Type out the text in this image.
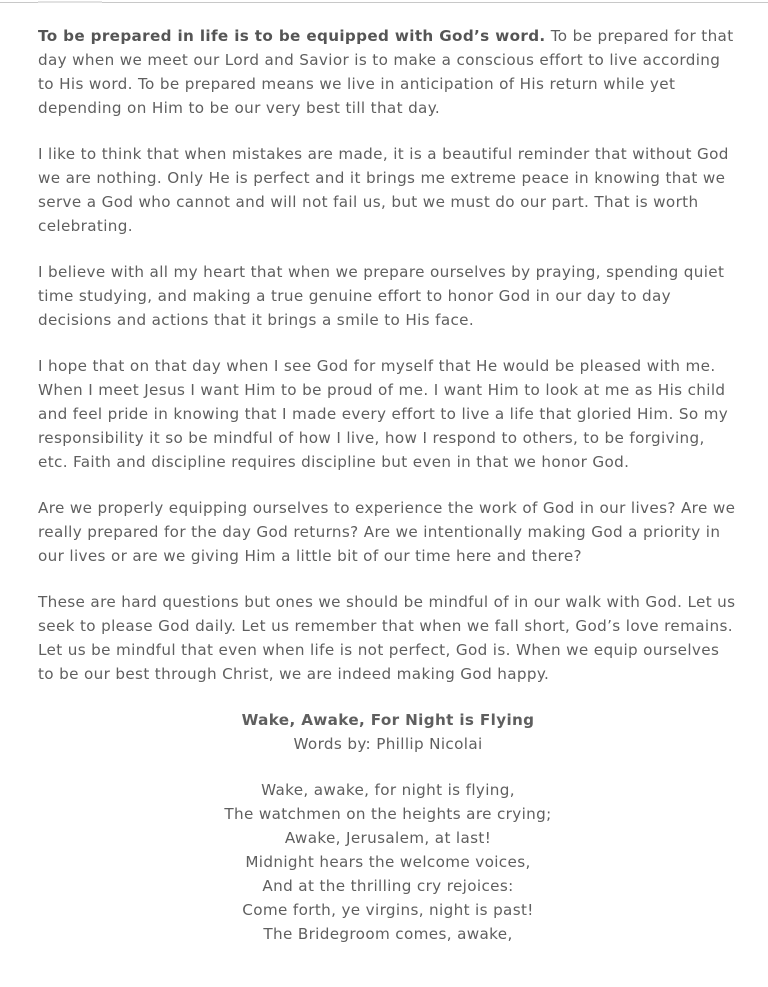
To be prepared in life is to be equipped with God’s word. To be prepared for that day when we meet our Lord and Savior is to make a conscious effort to live according to His word. To be prepared means we live in anticipation of His return while yet depending on Him to be our very best till that day.

I like to think that when mistakes are made, it is a beautiful reminder that without God we are nothing. Only He is perfect and it brings me extreme peace in knowing that we serve a God who cannot and will not fail us, but we must do our part. That is worth celebrating.

I believe with all my heart that when we prepare ourselves by praying, spending quiet time studying, and making a true genuine effort to honor God in our day to day decisions and actions that it brings a smile to His face.

I hope that on that day when I see God for myself that He would be pleased with me. When I meet Jesus I want Him to be proud of me. I want Him to look at me as His child and feel pride in knowing that I made every effort to live a life that gloried Him. So my responsibility it so be mindful of how I live, how I respond to others, to be forgiving, etc. Faith and discipline requires discipline but even in that we honor God.

Are we properly equipping ourselves to experience the work of God in our lives? Are we really prepared for the day God returns? Are we intentionally making God a priority in our lives or are we giving Him a little bit of our time here and there?

These are hard questions but ones we should be mindful of in our walk with God. Let us seek to please God daily. Let us remember that when we fall short, God’s love remains. Let us be mindful that even when life is not perfect, God is. When we equip ourselves to be our best through Christ, we are indeed making God happy.

Wake, Awake, For Night is Flying
Words by: Phillip Nicolai
Wake, awake, for night is flying,
The watchmen on the heights are crying;
Awake, Jerusalem, at last!
Midnight hears the welcome voices,
And at the thrilling cry rejoices:
Come forth, ye virgins, night is past!
The Bridegroom comes, awake,
